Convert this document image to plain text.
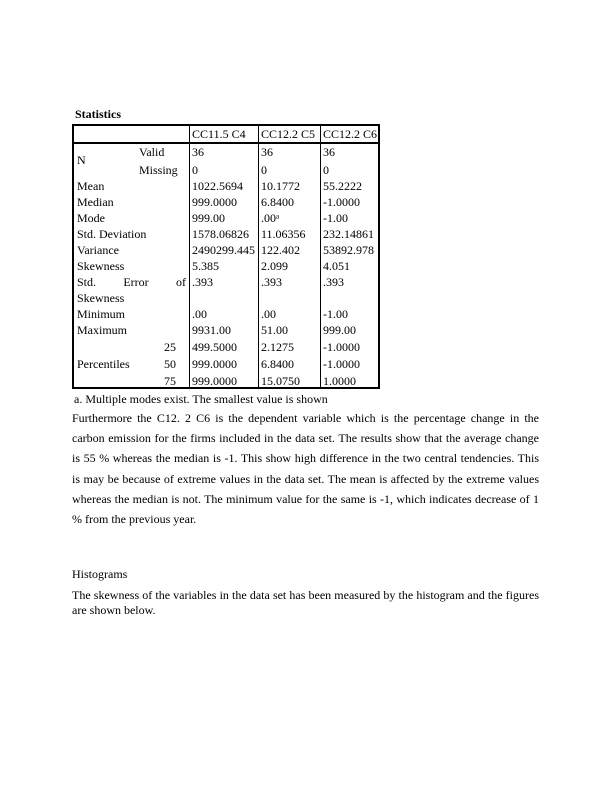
Statistics
CC11.5 C4 CC12.2 C5 CC12.2 C6
N
Valid 36	36	36
Missing 0	0	0
Mean	1022.5694 10.1772 55.2222
Median	999.0000 6.8400 -1.0000
Mode	999.00	.00ᵃ	-1.00
Std. Deviation	1578.06826 11.06356 232.14861
Variance	2490299.445 122.402 53892.978
Skewness	5.385	2.099	4.051
Std. Error of
Skewness
.393	.393	.393
Minimum	.00	.00	-1.00
Maximum	9931.00	51.00	999.00
Percentiles
25 499.5000 2.1275 -1.0000
50 999.0000 6.8400 -1.0000
75 999.0000 15.0750 1.0000
a. Multiple modes exist. The smallest value is shown
Furthermore the C12. 2 C6 is the dependent variable which is the percentage change in the carbon emission for the firms included in the data set. The results show that the average change is 55 % whereas the median is -1. This show high difference in the two central tendencies. This is may be because of extreme values in the data set. The mean is affected by the extreme values whereas the median is not. The minimum value for the same is -1, which indicates decrease of 1 % from the previous year.
Histograms
The skewness of the variables in the data set has been measured by the histogram and the figures are shown below.
